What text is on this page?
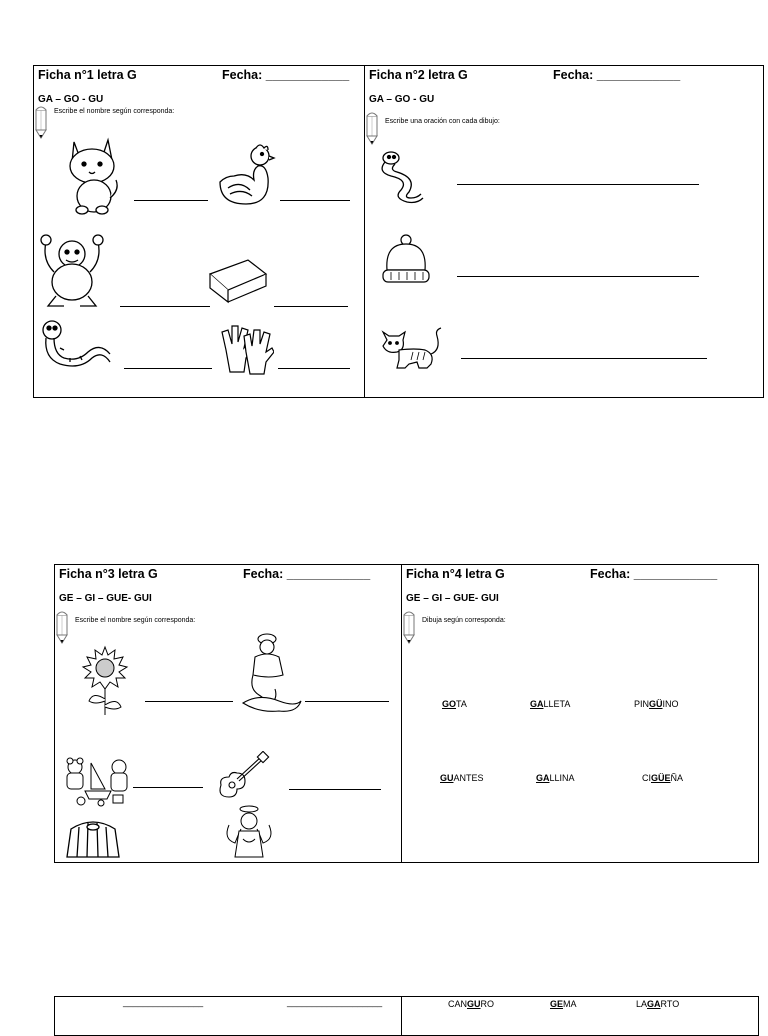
Ficha n°1 letra G	Fecha: ____________
GA – GO - GU
Escribe el nombre según corresponda:
Ficha n°2 letra G	Fecha: ____________
GA – GO - GU
Escribe una oración con cada dibujo:
Ficha n°3 letra G	Fecha: ____________
GE – GI – GUE- GUI
Escribe el nombre según corresponda:
Ficha n°4 letra G	Fecha: ____________
GE – GI – GUE- GUI
Dibuja según corresponda:
GOTA	GALLETA	PINGÜINO
GUANTES	GALLINA	CIGÜEÑA
________________	___________________	CANGURO	GEMA	LAGARTO
